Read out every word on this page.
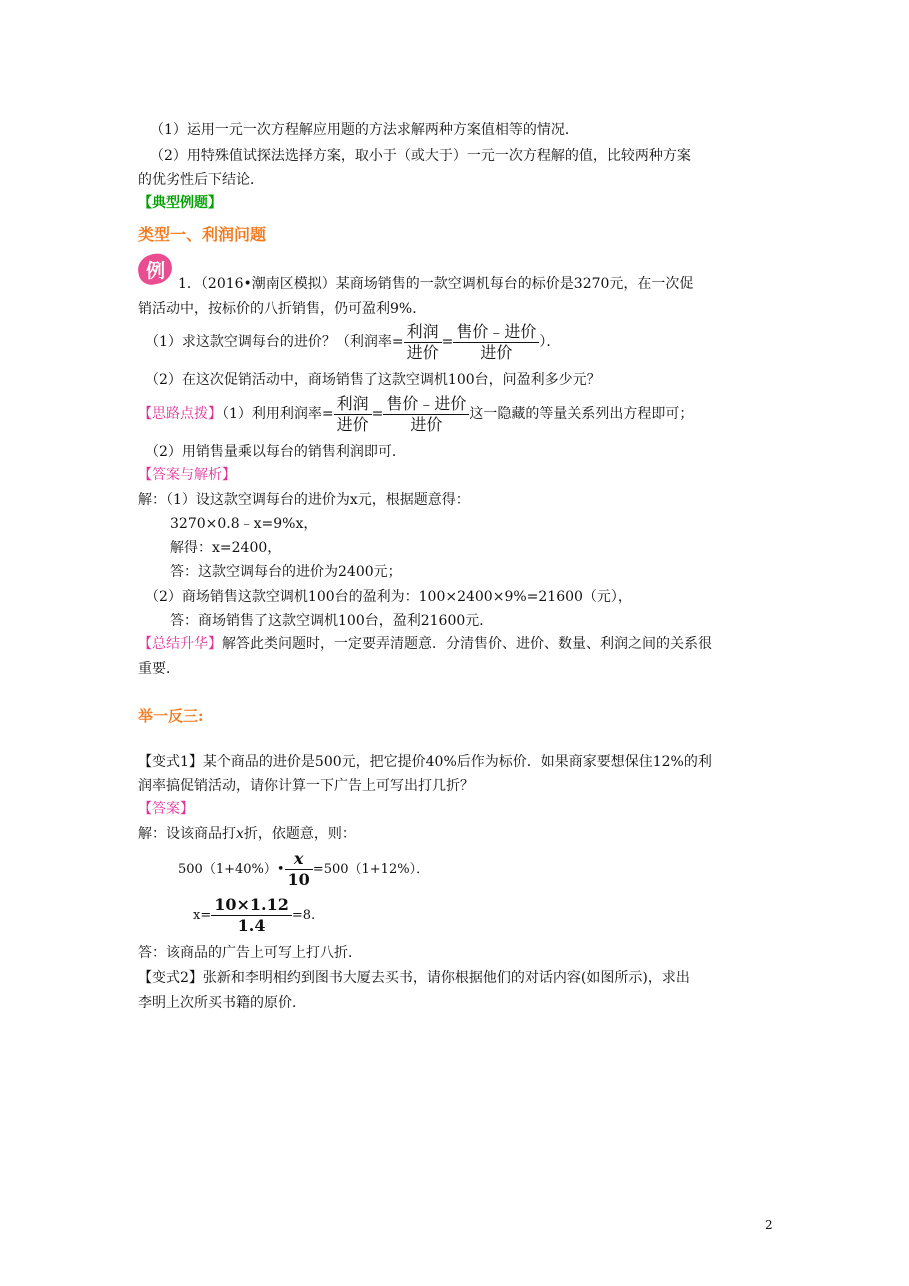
（1）运用一元一次方程解应用题的方法求解两种方案值相等的情况．
（2）用特殊值试探法选择方案，取小于（或大于）一元一次方程解的值，比较两种方案
的优劣性后下结论．
【典型例题】
类型一、利润问题
例
1．（2016•潮南区模拟）某商场销售的一款空调机每台的标价是3270元，在一次促
销活动中，按标价的八折销售，仍可盈利9%．
（1）求这款空调每台的进价？（利润率= $\frac{\text{利润}}{\text{进价}} = \frac{\text{售价﹣进价}}{\text{进价}}$ ）．
（2）在这次促销活动中，商场销售了这款空调机100台，问盈利多少元？
【思路点拨】（1）利用利润率= $\frac{\text{利润}}{\text{进价}} = \frac{\text{售价﹣进价}}{\text{进价}}$ 这一隐藏的等量关系列出方程即可；
（2）用销售量乘以每台的销售利润即可．
【答案与解析】
解：（1）设这款空调每台的进价为x元，根据题意得：
3270×0.8﹣x=9%x，
解得：x=2400，
答：这款空调每台的进价为2400元；
（2）商场销售这款空调机100台的盈利为：100×2400×9%=21600（元），
答：商场销售了这款空调机100台，盈利21600元．
【总结升华】解答此类问题时，一定要弄清题意．分清售价、进价、数量、利润之间的关系很
重要．
举一反三:
【变式1】某个商品的进价是500元，把它提价40%后作为标价．如果商家要想保住12%的利
润率搞促销活动，请你计算一下广告上可写出打几折？
【答案】
解：设该商品打x折，依题意，则：
500（1+40%）• $\frac{x}{10} =500(1+12\%)$．
$x= \frac{10\times 1.12}{1.4} =8$.
答：该商品的广告上可写上打八折．
【变式2】张新和李明相约到图书大厦去买书，请你根据他们的对话内容(如图所示)，求出
李明上次所买书籍的原价．
2
